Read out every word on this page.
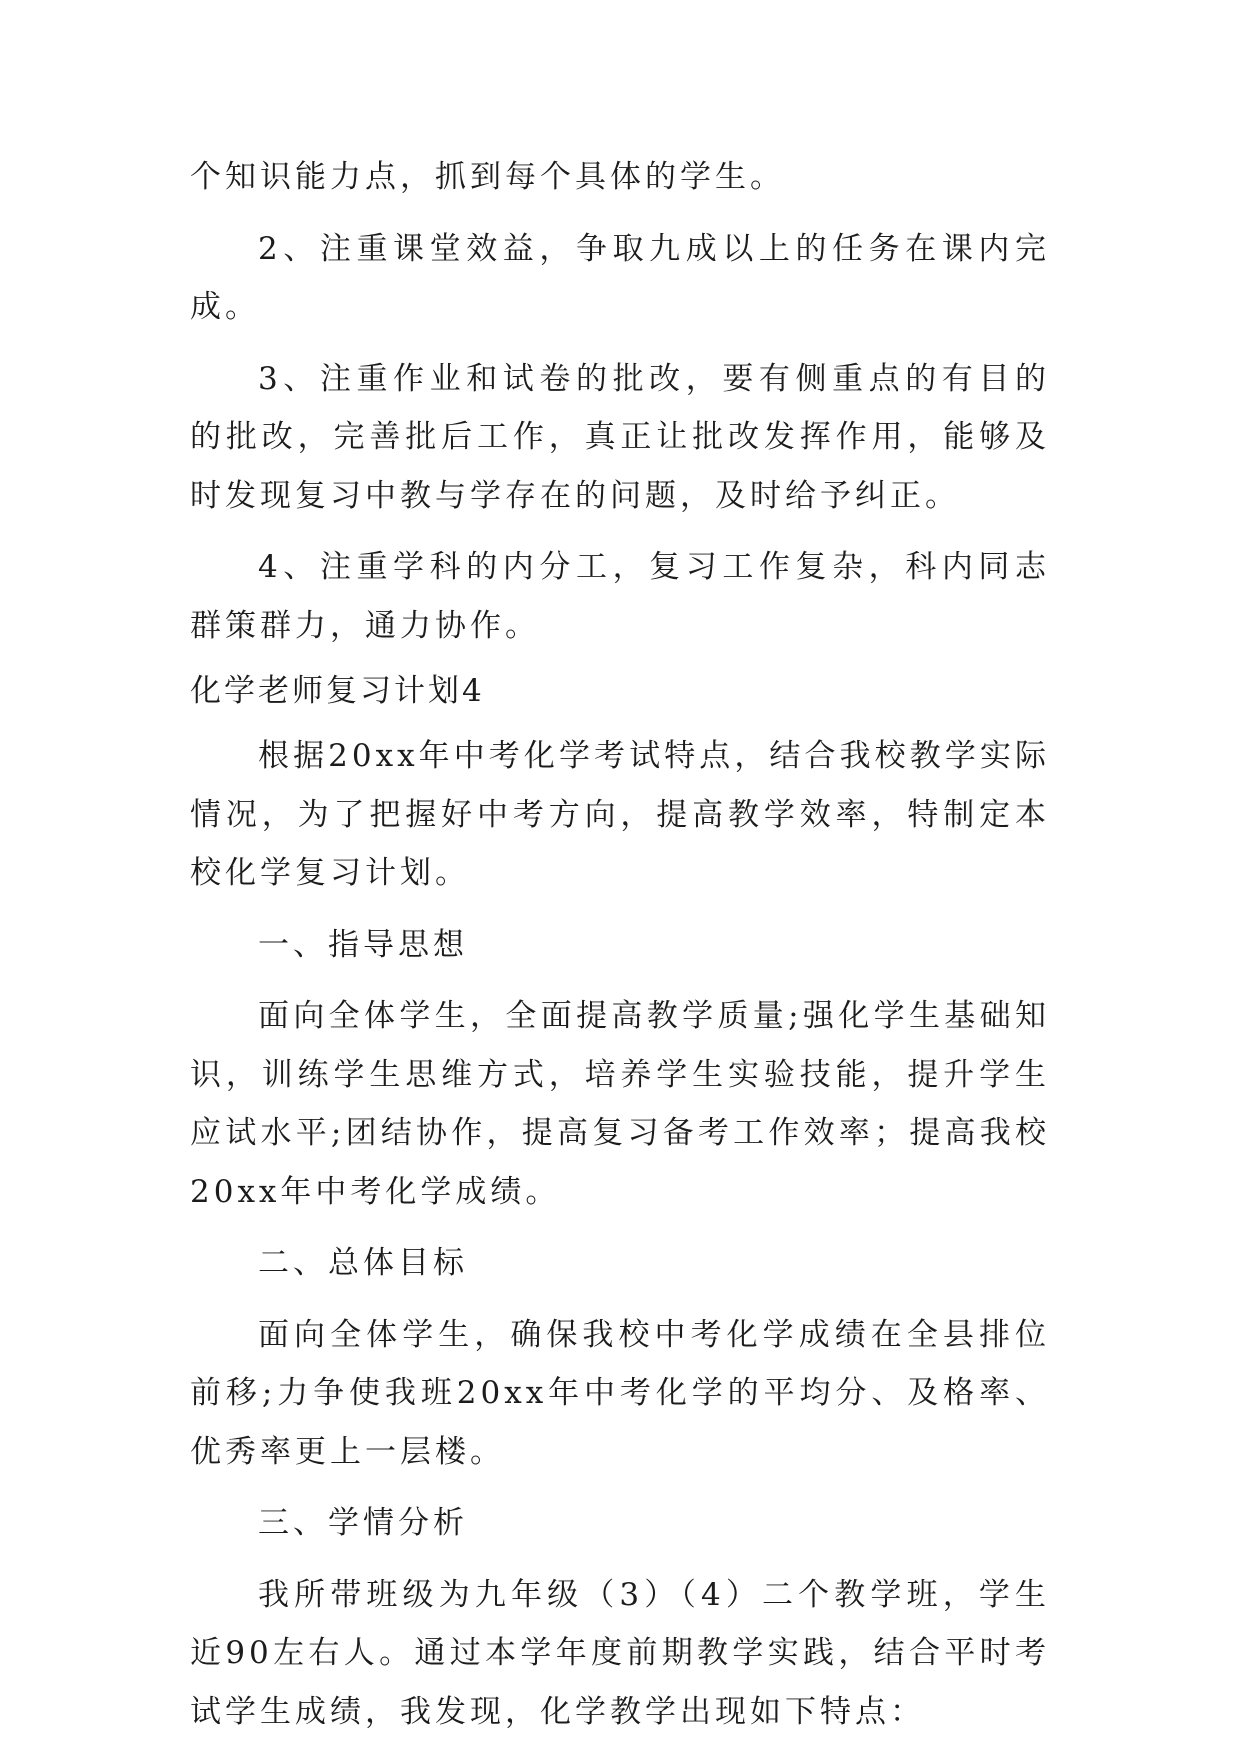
个知识能力点，抓到每个具体的学生。

2、注重课堂效益，争取九成以上的任务在课内完成。

3、注重作业和试卷的批改，要有侧重点的有目的的批改，完善批后工作，真正让批改发挥作用，能够及时发现复习中教与学存在的问题，及时给予纠正。

4、注重学科的内分工，复习工作复杂，科内同志群策群力，通力协作。

化学老师复习计划4

根据20xx年中考化学考试特点，结合我校教学实际情况，为了把握好中考方向，提高教学效率，特制定本校化学复习计划。

一、指导思想

面向全体学生，全面提高教学质量;强化学生基础知识，训练学生思维方式，培养学生实验技能，提升学生应试水平;团结协作，提高复习备考工作效率；提高我校20xx年中考化学成绩。

二、总体目标

面向全体学生，确保我校中考化学成绩在全县排位前移;力争使我班20xx年中考化学的平均分、及格率、优秀率更上一层楼。

三、学情分析

我所带班级为九年级（3）（4）二个教学班，学生近90左右人。通过本学年度前期教学实践，结合平时考试学生成绩，我发现，化学教学出现如下特点：
